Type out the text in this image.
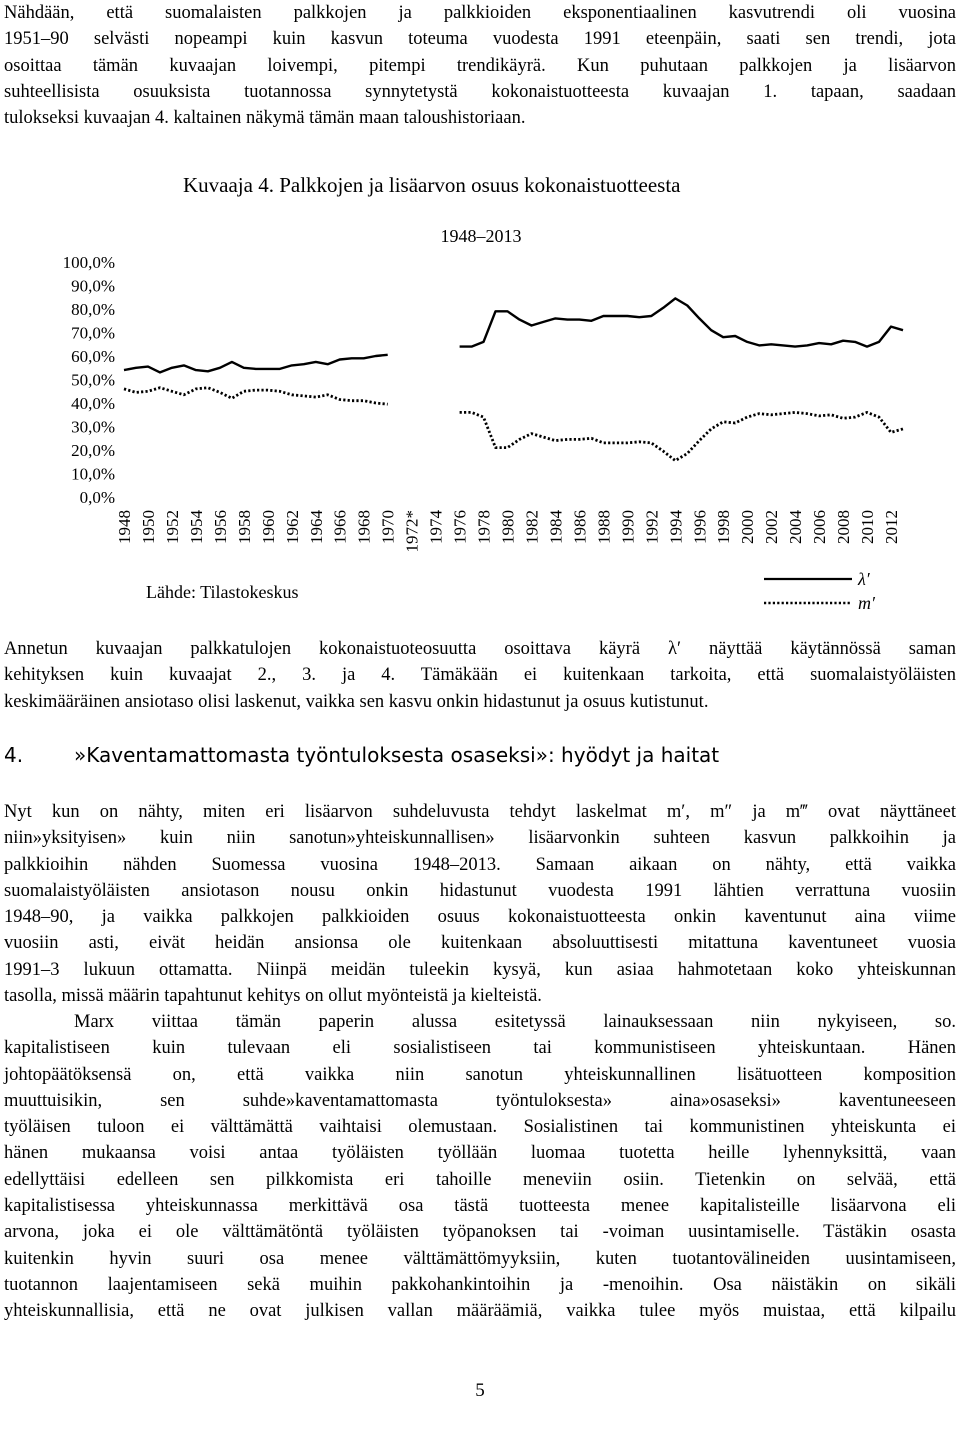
Nähdään, että suomalaisten palkkojen ja palkkioiden eksponentiaalinen kasvutrendi oli vuosina
1951–90 selvästi nopeampi kuin kasvun toteuma vuodesta 1991 eteenpäin, saati sen trendi, jota
osoittaa tämän kuvaajan loivempi, pitempi trendikäyrä. Kun puhutaan palkkojen ja lisäarvon
suhteellisista osuuksista tuotannossa synnytetystä kokonaistuotteesta kuvaajan 1. tapaan, saadaan
tulokseksi kuvaajan 4. kaltainen näkymä tämän maan taloushistoriaan.
Kuvaaja 4. Palkkojen ja lisäarvon osuus kokonaistuotteesta
1948–2013
100,0%
90,0%
80,0%
70,0%
60,0%
50,0%
40,0%
30,0%
20,0%
10,0%
0,0%
1948 1950 1952 1954 1956 1958 1960 1962 1964 1966 1968 1970 1972* 1974 1976 1978 1980 1982 1984 1986 1988 1990 1992 1994 1996 1998 2000 2002 2004 2006 2008 2010 2012
Lähde: Tilastokeskus
λ′
m′
Annetun kuvaajan palkkatulojen kokonaistuoteosuutta osoittava käyrä λ′ näyttää käytännössä saman
kehityksen kuin kuvaajat 2., 3. ja 4. Tämäkään ei kuitenkaan tarkoita, että suomalaistyöläisten
keskimääräinen ansiotaso olisi laskenut, vaikka sen kasvu onkin hidastunut ja osuus kutistunut.
4.	»Kaventamattomasta työntuloksesta osaseksi»: hyödyt ja haitat
Nyt kun on nähty, miten eri lisäarvon suhdeluvusta tehdyt laskelmat m′, m″ ja m‴ ovat näyttäneet
niin»yksityisen» kuin niin sanotun»yhteiskunnallisen» lisäarvonkin suhteen kasvun palkkoihin ja
palkkioihin nähden Suomessa vuosina 1948–2013. Samaan aikaan on nähty, että vaikka
suomalaistyöläisten ansiotason nousu onkin hidastunut vuodesta 1991 lähtien verrattuna vuosiin
1948–90, ja vaikka palkkojen palkkioiden osuus kokonaistuotteesta onkin kaventunut aina viime
vuosiin asti, eivät heidän ansionsa ole kuitenkaan absoluuttisesti mitattuna kaventuneet vuosia
1991–3 lukuun ottamatta. Niinpä meidän tuleekin kysyä, kun asiaa hahmotetaan koko yhteiskunnan
tasolla, missä määrin tapahtunut kehitys on ollut myönteistä ja kielteistä.
Marx viittaa tämän paperin alussa esitetyssä lainauksessaan niin nykyiseen, so.
kapitalistiseen kuin tulevaan eli sosialistiseen tai kommunistiseen yhteiskuntaan. Hänen
johtopäätöksensä on, että vaikka niin sanotun yhteiskunnallinen lisätuotteen komposition
muuttuisikin, sen suhde»kaventamattomasta työntuloksesta» aina»osaseksi» kaventuneeseen
työläisen tuloon ei välttämättä vaihtaisi olemustaan. Sosialistinen tai kommunistinen yhteiskunta ei
hänen mukaansa voisi antaa työläisten työllään luomaa tuotetta heille lyhennyksittä, vaan
edellyttäisi edelleen sen pilkkomista eri tahoille meneviin osiin. Tietenkin on selvää, että
kapitalistisessa yhteiskunnassa merkittävä osa tästä tuotteesta menee kapitalisteille lisäarvona eli
arvona, joka ei ole välttämätöntä työläisten työpanoksen tai -voiman uusintamiselle. Tästäkin osasta
kuitenkin hyvin suuri osa menee välttämättömyyksiin, kuten tuotantovälineiden uusintamiseen,
tuotannon laajentamiseen sekä muihin pakkohankintoihin ja -menoihin. Osa näistäkin on sikäli
yhteiskunnallisia, että ne ovat julkisen vallan määräämiä, vaikka tulee myös muistaa, että kilpailu
5
